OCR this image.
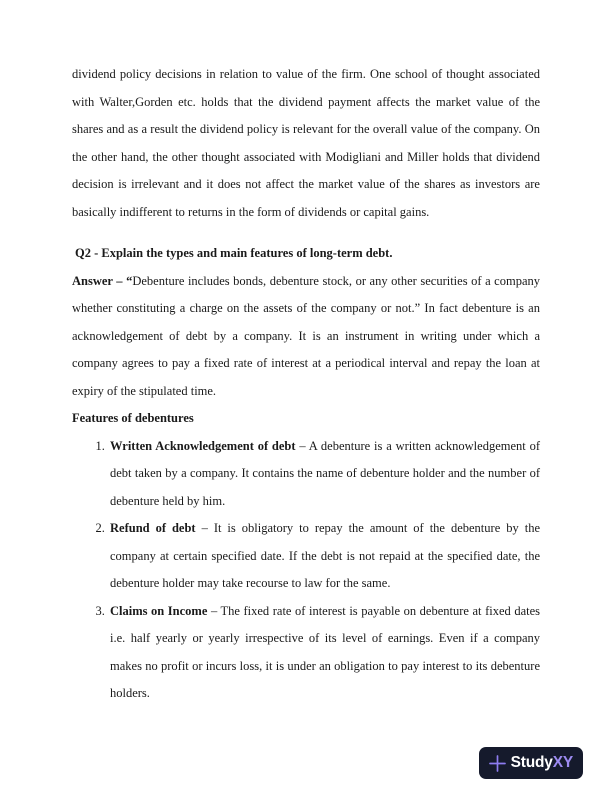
dividend policy decisions in relation to value of the firm. One school of thought associated with Walter,Gorden etc. holds that the dividend payment affects the market value of the shares and as a result the dividend policy is relevant for the overall value of the company. On the other hand, the other thought associated with Modigliani and Miller holds that dividend decision is irrelevant and it does not affect the market value of the shares as investors are basically indifferent to returns in the form of dividends or capital gains.

Q2 - Explain the types and main features of long-term debt.

Answer – “Debenture includes bonds, debenture stock, or any other securities of a company whether constituting a charge on the assets of the company or not.” In fact debenture is an acknowledgement of debt by a company. It is an instrument in writing under which a company agrees to pay a fixed rate of interest at a periodical interval and repay the loan at expiry of the stipulated time.

Features of debentures

1. Written Acknowledgement of debt – A debenture is a written acknowledgement of debt taken by a company. It contains the name of debenture holder and the number of debenture held by him.
2. Refund of debt – It is obligatory to repay the amount of the debenture by the company at certain specified date. If the debt is not repaid at the specified date, the debenture holder may take recourse to law for the same.
3. Claims on Income – The fixed rate of interest is payable on debenture at fixed dates i.e. half yearly or yearly irrespective of its level of earnings. Even if a company makes no profit or incurs loss, it is under an obligation to pay interest to its debenture holders.
StudyXY
